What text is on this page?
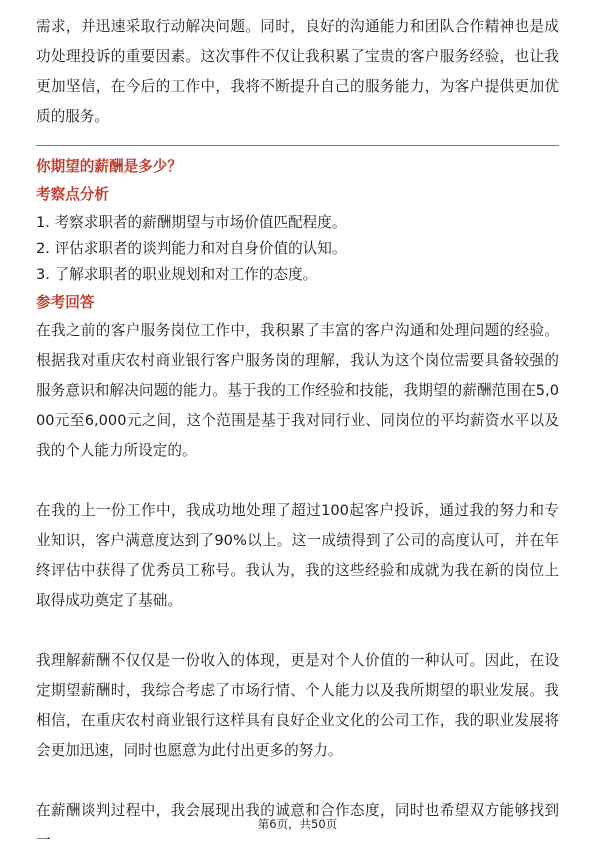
需求，并迅速采取行动解决问题。同时，良好的沟通能力和团队合作精神也是成功处理投诉的重要因素。这次事件不仅让我积累了宝贵的客户服务经验，也让我更加坚信，在今后的工作中，我将不断提升自己的服务能力，为客户提供更加优质的服务。

你期望的薪酬是多少？

考察点分析

1. 考察求职者的薪酬期望与市场价值匹配程度。

2. 评估求职者的谈判能力和对自身价值的认知。

3. 了解求职者的职业规划和对工作的态度。

参考回答

在我之前的客户服务岗位工作中，我积累了丰富的客户沟通和处理问题的经验。根据我对重庆农村商业银行客户服务岗的理解，我认为这个岗位需要具备较强的服务意识和解决问题的能力。基于我的工作经验和技能，我期望的薪酬范围在5,000元至6,000元之间，这个范围是基于我对同行业、同岗位的平均薪资水平以及我的个人能力所设定的。

在我的上一份工作中，我成功地处理了超过100起客户投诉，通过我的努力和专业知识，客户满意度达到了90%以上。这一成绩得到了公司的高度认可，并在年终评估中获得了优秀员工称号。我认为，我的这些经验和成就为我在新的岗位上取得成功奠定了基础。

我理解薪酬不仅仅是一份收入的体现，更是对个人价值的一种认可。因此，在设定期望薪酬时，我综合考虑了市场行情、个人能力以及我所期望的职业发展。我相信，在重庆农村商业银行这样具有良好企业文化的公司工作，我的职业发展将会更加迅速，同时也愿意为此付出更多的努力。

在薪酬谈判过程中，我会展现出我的诚意和合作态度，同时也希望双方能够找到一

第6页，共50页
